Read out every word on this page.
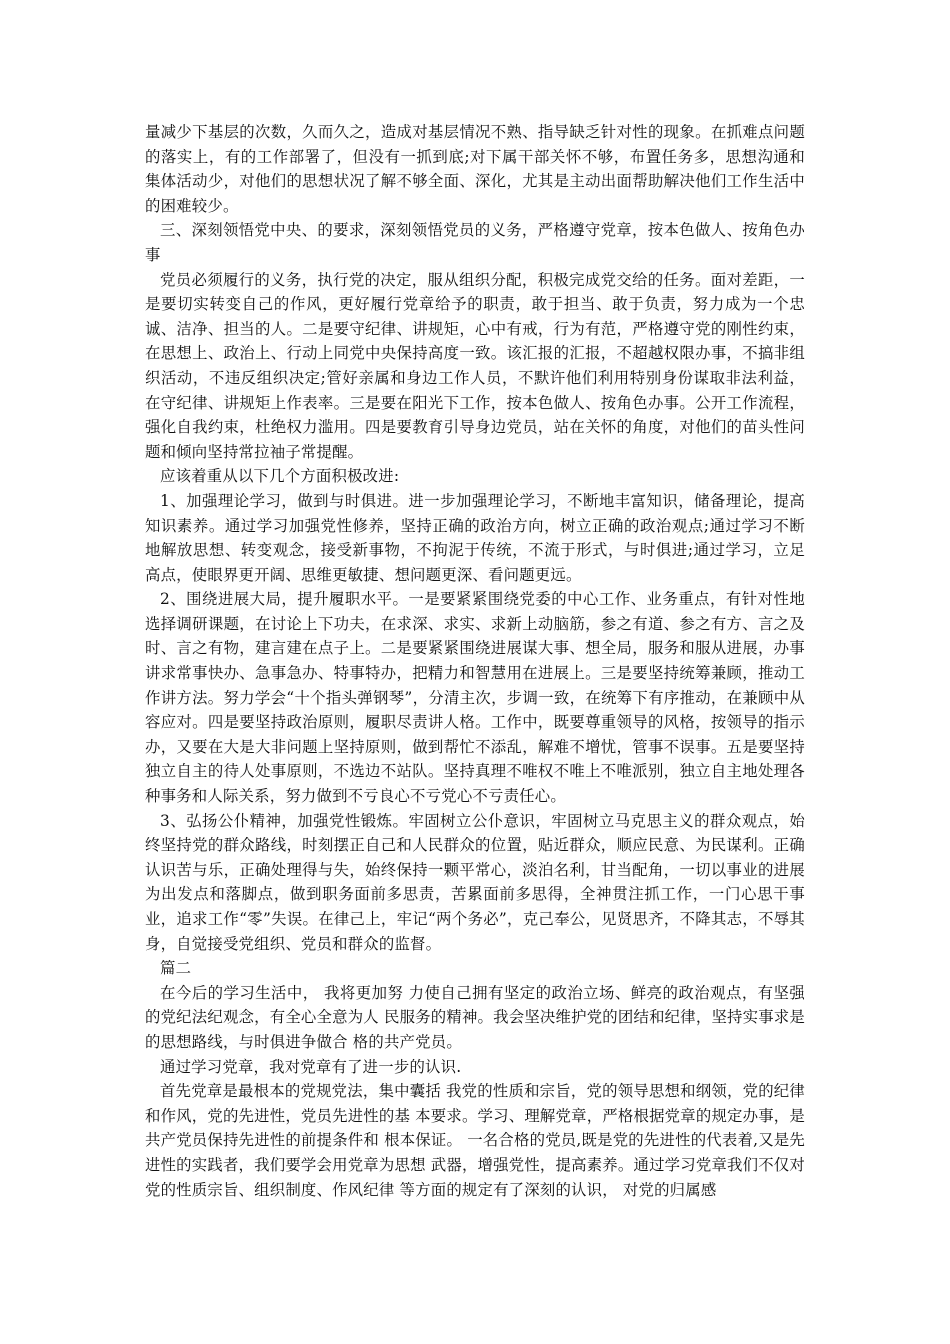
量减少下基层的次数，久而久之，造成对基层情况不熟、指导缺乏针对性的现象。在抓难点问题的落实上，有的工作部署了，但没有一抓到底;对下属干部关怀不够，布置任务多，思想沟通和集体活动少，对他们的思想状况了解不够全面、深化，尤其是主动出面帮助解决他们工作生活中的困难较少。

三、深刻领悟党中央、的要求，深刻领悟党员的义务，严格遵守党章，按本色做人、按角色办事

党员必须履行的义务，执行党的决定，服从组织分配，积极完成党交给的任务。面对差距，一是要切实转变自己的作风，更好履行党章给予的职责，敢于担当、敢于负责，努力成为一个忠诚、洁净、担当的人。二是要守纪律、讲规矩，心中有戒，行为有范，严格遵守党的刚性约束，在思想上、政治上、行动上同党中央保持高度一致。该汇报的汇报，不超越权限办事，不搞非组织活动，不违反组织决定;管好亲属和身边工作人员，不默许他们利用特别身份谋取非法利益，在守纪律、讲规矩上作表率。三是要在阳光下工作，按本色做人、按角色办事。公开工作流程，强化自我约束，杜绝权力滥用。四是要教育引导身边党员，站在关怀的角度，对他们的苗头性问题和倾向坚持常拉袖子常提醒。

应该着重从以下几个方面积极改进:

1、加强理论学习，做到与时俱进。进一步加强理论学习，不断地丰富知识，储备理论，提高知识素养。通过学习加强党性修养，坚持正确的政治方向，树立正确的政治观点;通过学习不断地解放思想、转变观念，接受新事物，不拘泥于传统，不流于形式，与时俱进;通过学习，立足高点，使眼界更开阔、思维更敏捷、想问题更深、看问题更远。

2、围绕进展大局，提升履职水平。一是要紧紧围绕党委的中心工作、业务重点，有针对性地选择调研课题，在讨论上下功夫，在求深、求实、求新上动脑筋，参之有道、参之有方、言之及时、言之有物，建言建在点子上。二是要紧紧围绕进展谋大事、想全局，服务和服从进展，办事讲求常事快办、急事急办、特事特办，把精力和智慧用在进展上。三是要坚持统筹兼顾，推动工作讲方法。努力学会“十个指头弹钢琴”，分清主次，步调一致，在统筹下有序推动，在兼顾中从容应对。四是要坚持政治原则，履职尽责讲人格。工作中，既要尊重领导的风格，按领导的指示办，又要在大是大非问题上坚持原则，做到帮忙不添乱，解难不增忧，管事不误事。五是要坚持独立自主的待人处事原则，不选边不站队。坚持真理不唯权不唯上不唯派别，独立自主地处理各种事务和人际关系，努力做到不亏良心不亏党心不亏责任心。

3、弘扬公仆精神，加强党性锻炼。牢固树立公仆意识，牢固树立马克思主义的群众观点，始终坚持党的群众路线，时刻摆正自己和人民群众的位置，贴近群众，顺应民意、为民谋利。正确认识苦与乐，正确处理得与失，始终保持一颗平常心，淡泊名利，甘当配角，一切以事业的进展为出发点和落脚点，做到职务面前多思责，苦累面前多思得，全神贯注抓工作，一门心思干事业，追求工作“零”失误。在律己上，牢记“两个务必”，克己奉公，见贤思齐，不降其志，不辱其身，自觉接受党组织、党员和群众的监督。

篇二

在今后的学习生活中， 我将更加努 力使自己拥有坚定的政治立场、鲜亮的政治观点，有坚强的党纪法纪观念，有全心全意为人 民服务的精神。我会坚决维护党的团结和纪律，坚持实事求是的思想路线，与时俱进争做合 格的共产党员。

通过学习党章，我对党章有了进一步的认识.

首先党章是最根本的党规党法，集中囊括 我党的性质和宗旨，党的领导思想和纲领，党的纪律和作风，党的先进性，党员先进性的基 本要求。学习、理解党章，严格根据党章的规定办事，是共产党员保持先进性的前提条件和 根本保证。 一名合格的党员,既是党的先进性的代表着,又是先进性的实践者，我们要学会用党章为思想 武器，增强党性，提高素养。通过学习党章我们不仅对党的性质宗旨、组织制度、作风纪律 等方面的规定有了深刻的认识， 对党的归属感
